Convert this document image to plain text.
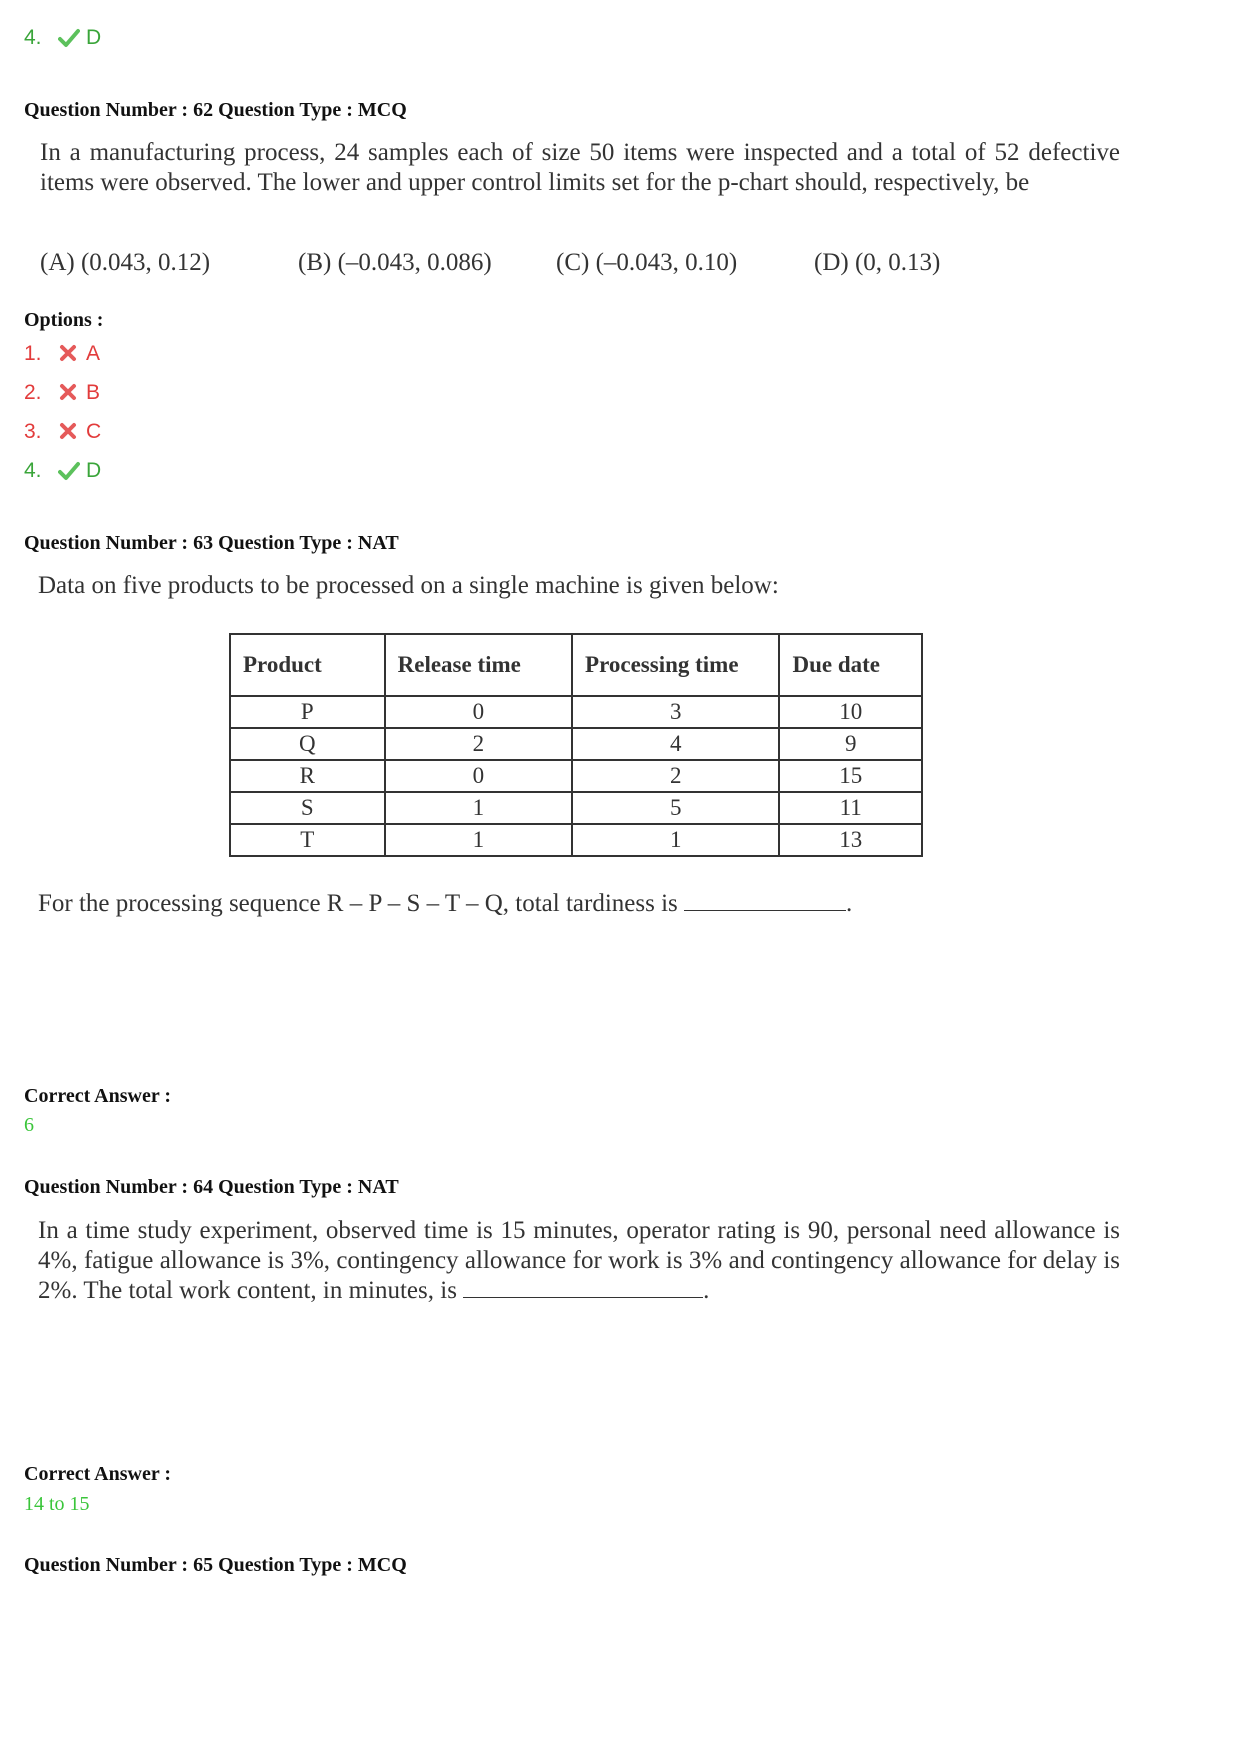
4.	D
Question Number : 62 Question Type : MCQ
In a manufacturing process, 24 samples each of size 50 items were inspected and a total of 52 defective items were observed. The lower and upper control limits set for the p-chart should, respectively, be
(A) (0.043, 0.12)	(B) (–0.043, 0.086)	(C) (–0.043, 0.10)	(D) (0, 0.13)
Options :
1.	A
2.	B
3.	C
4.	D
Question Number : 63 Question Type : NAT
Data on five products to be processed on a single machine is given below:
Product	Release time	Processing time	Due date
P	0	3	10
Q	2	4	9
R	0	2	15
S	1	5	11
T	1	1	13
For the processing sequence R – P – S – T – Q, total tardiness is	.
Correct Answer :
6
Question Number : 64 Question Type : NAT
In a time study experiment, observed time is 15 minutes, operator rating is 90, personal need allowance is 4%, fatigue allowance is 3%, contingency allowance for work is 3% and contingency allowance for delay is 2%. The total work content, in minutes, is	.
Correct Answer :
14 to 15
Question Number : 65 Question Type : MCQ
